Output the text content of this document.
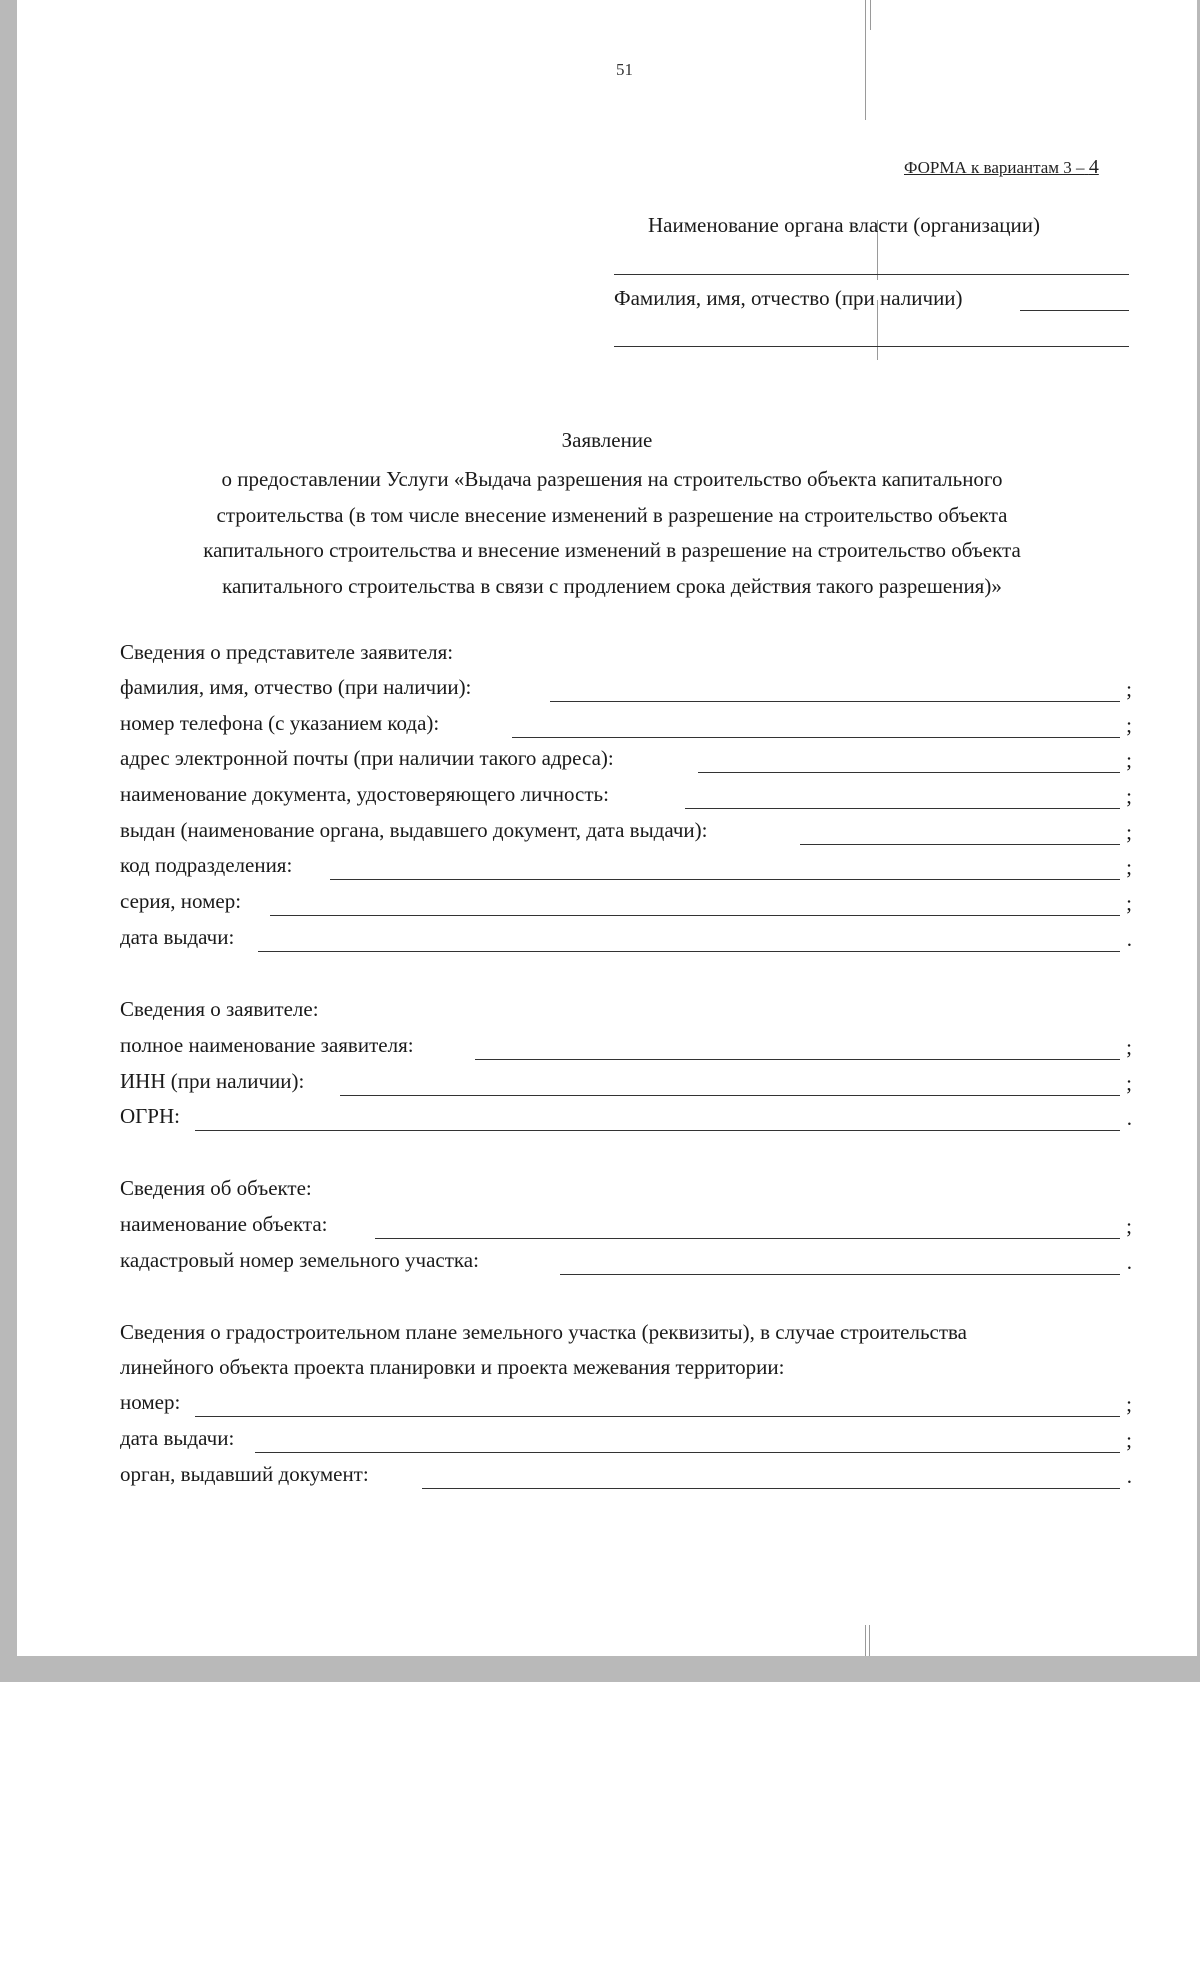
51
ФОРМА к вариантам 3 – 4
Наименование органа власти (организации)
Фамилия, имя, отчество (при наличии)
Заявление
о предоставлении Услуги «Выдача разрешения на строительство объекта капитального
строительства (в том числе внесение изменений в разрешение на строительство объекта
капитального строительства и внесение изменений в разрешение на строительство объекта
капитального строительства в связи с продлением срока действия такого разрешения)»
Сведения о представителе заявителя:
фамилия, имя, отчество (при наличии):	;
номер телефона (с указанием кода):	;
адрес электронной почты (при наличии такого адреса):	;
наименование документа, удостоверяющего личность:	;
выдан (наименование органа, выдавшего документ, дата выдачи):	;
код подразделения:	;
серия, номер:	;
дата выдачи:	.
Сведения о заявителе:
полное наименование заявителя:	;
ИНН (при наличии):	;
ОГРН:	.
Сведения об объекте:
наименование объекта:	;
кадастровый номер земельного участка:	.
Сведения о градостроительном плане земельного участка (реквизиты), в случае строительства
линейного объекта проекта планировки и проекта межевания территории:
номер:	;
дата выдачи:	;
орган, выдавший документ:	.
